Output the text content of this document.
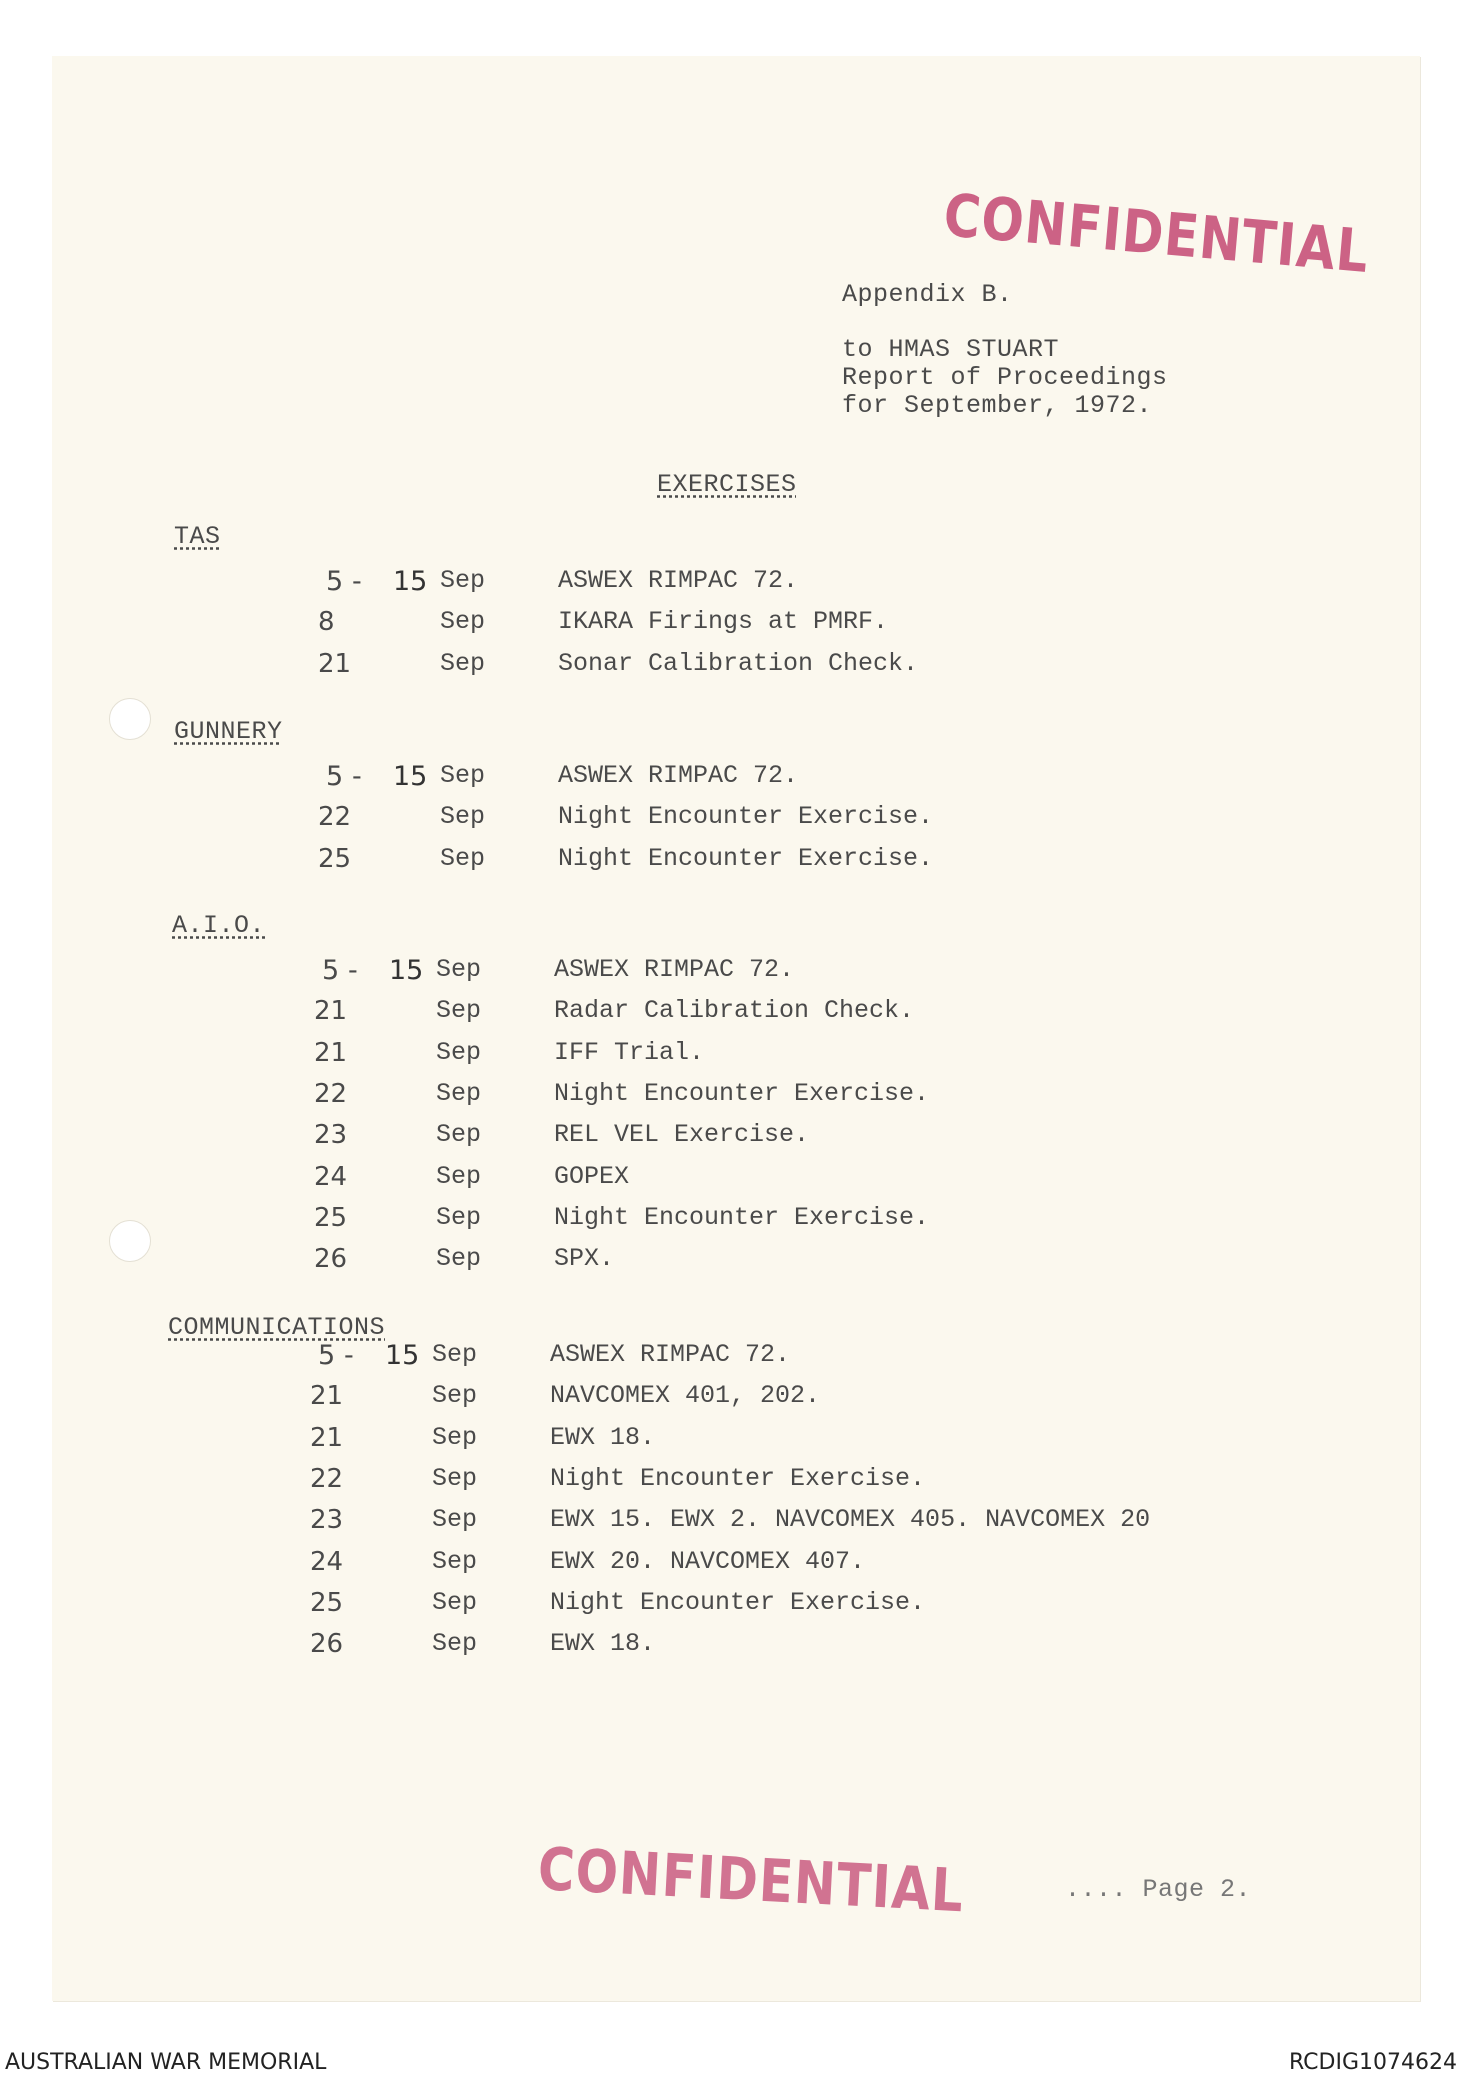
CONFIDENTIAL
Appendix B.
to HMAS STUART
Report of Proceedings
for September, 1972.
EXERCISES
TAS
5 - 15 Sep	ASWEX RIMPAC 72.
8	Sep	IKARA Firings at PMRF.
21	Sep	Sonar Calibration Check.
GUNNERY
5 - 15 Sep	ASWEX RIMPAC 72.
22	Sep	Night Encounter Exercise.
25	Sep	Night Encounter Exercise.
A.I.O.
5 - 15 Sep	ASWEX RIMPAC 72.
21	Sep	Radar Calibration Check.
21	Sep	IFF Trial.
22	Sep	Night Encounter Exercise.
23	Sep	REL VEL Exercise.
24	Sep	GOPEX
25	Sep	Night Encounter Exercise.
26	Sep	SPX.
COMMUNICATIONS
5 - 15 Sep	ASWEX RIMPAC 72.
21	Sep	NAVCOMEX 401, 202.
21	Sep	EWX 18.
22	Sep	Night Encounter Exercise.
23	Sep	EWX 15. EWX 2. NAVCOMEX 405. NAVCOMEX 20
24	Sep	EWX 20. NAVCOMEX 407.
25	Sep	Night Encounter Exercise.
26	Sep	EWX 18.
CONFIDENTIAL	.... Page 2.
AUSTRALIAN WAR MEMORIAL	RCDIG1074624
